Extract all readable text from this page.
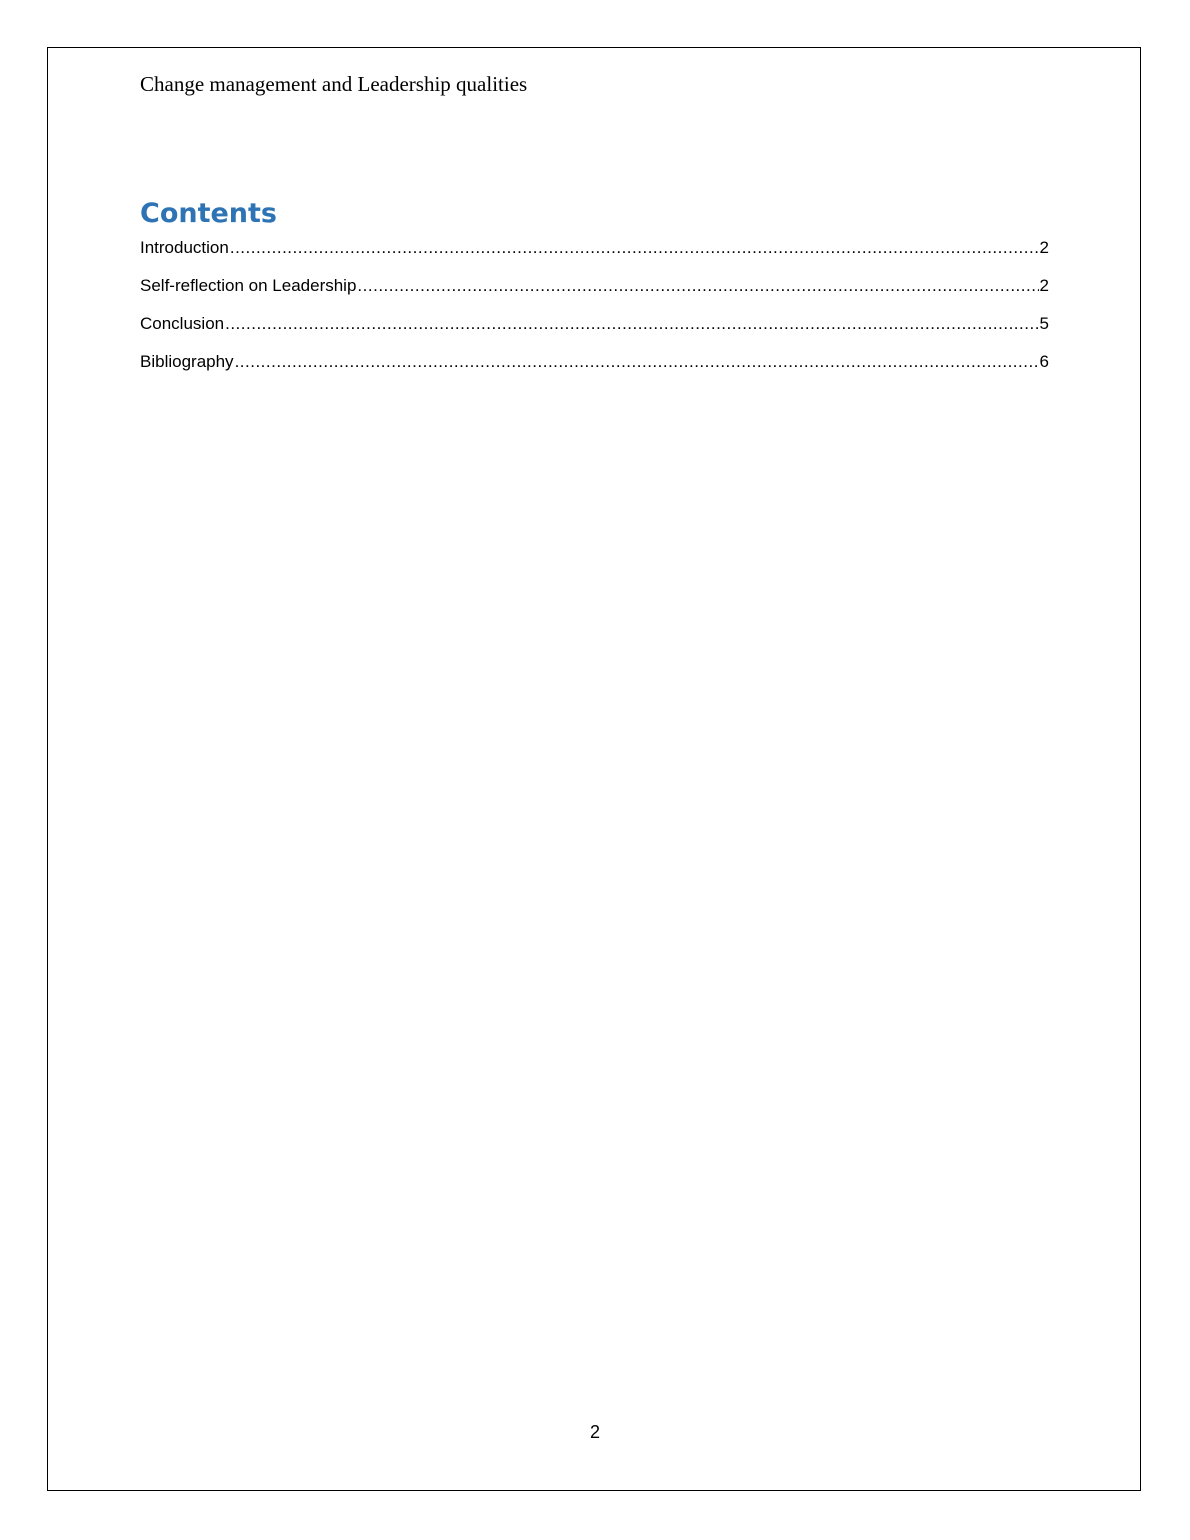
Change management and Leadership qualities
Contents
Introduction .....	2
Self-reflection on Leadership .....	2
Conclusion .....	5
Bibliography .....	6
2
